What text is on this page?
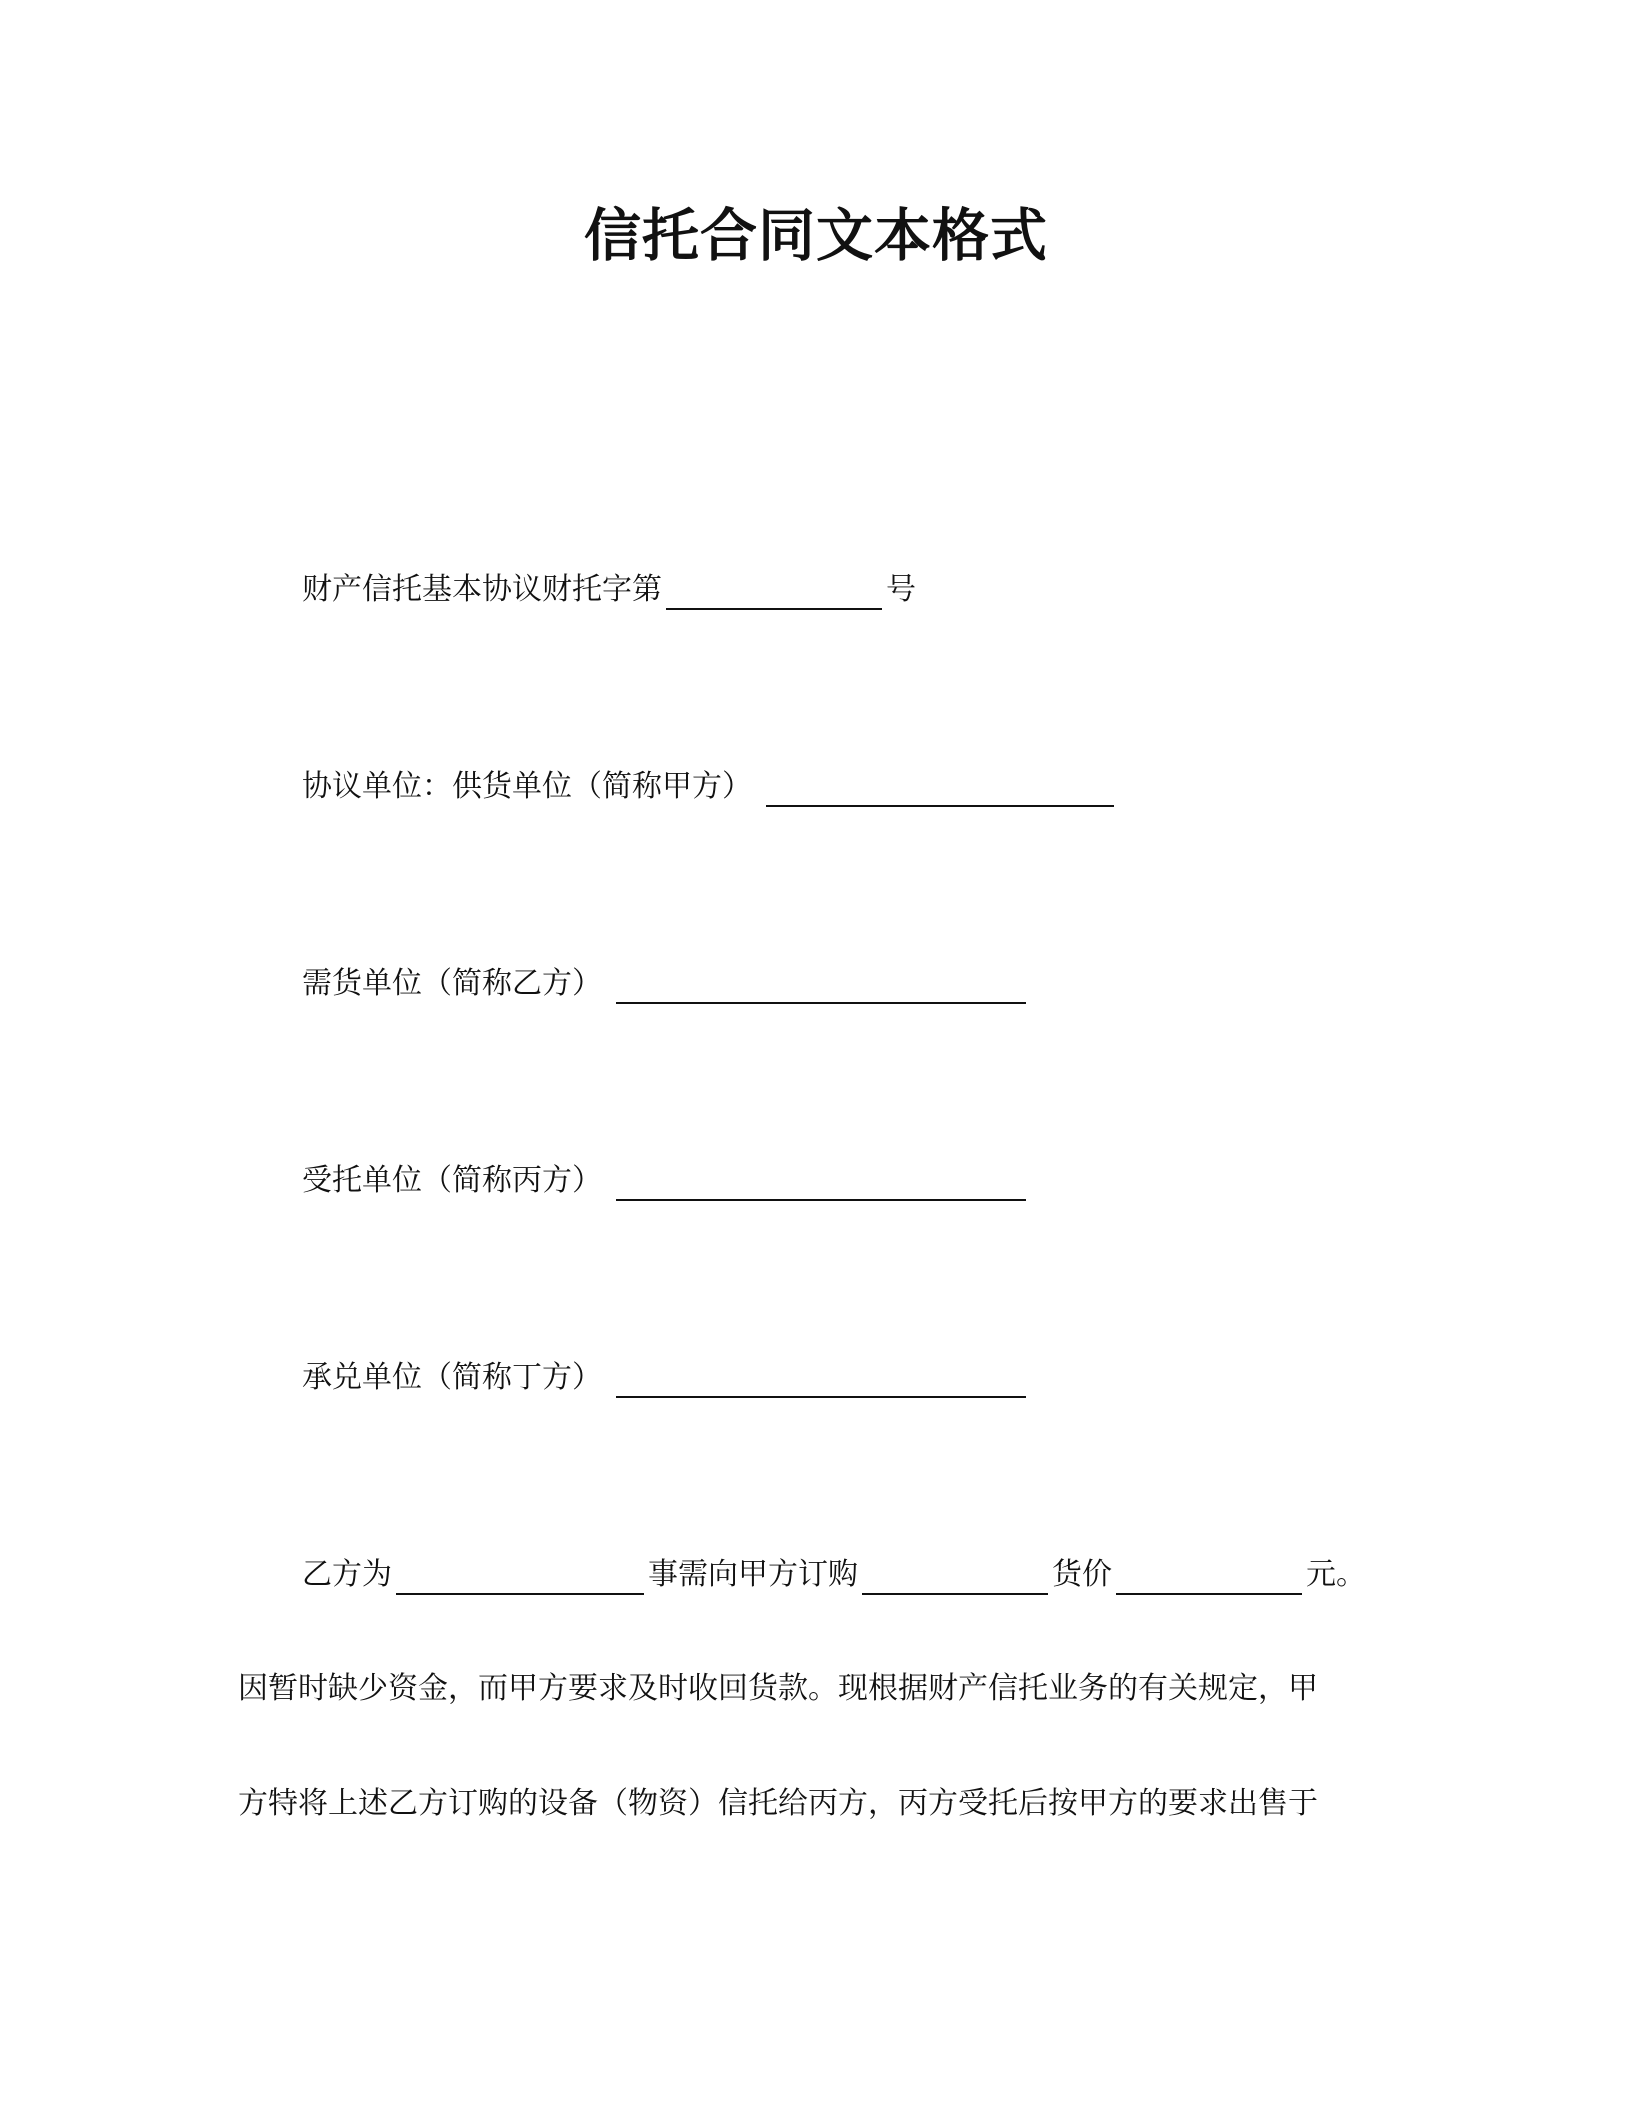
信托合同文本格式
财产信托基本协议财托字第	号
协议单位：供货单位（简称甲方）
需货单位（简称乙方）
受托单位（简称丙方）
承兑单位（简称丁方）
乙方为	事需向甲方订购	货价	元。
因暂时缺少资金，而甲方要求及时收回货款。现根据财产信托业务的有关规定，甲
方特将上述乙方订购的设备（物资）信托给丙方，丙方受托后按甲方的要求出售于
